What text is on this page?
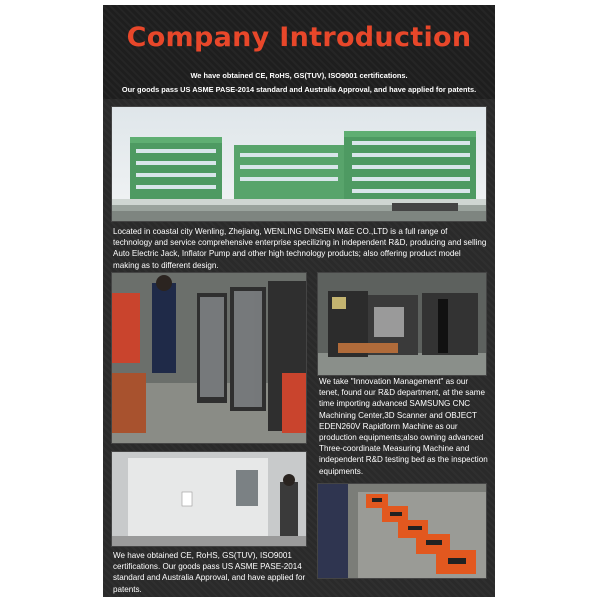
Company Introduction
We have obtained CE, RoHS, GS(TUV), ISO9001 certifications.
Our goods pass US ASME PASE-2014 standard and Australia Approval, and have applied for patents.
Located in coastal city Wenling, Zhejiang, WENLING DINSEN M&E CO.,LTD is a full range of technology and service comprehensive enterprise specilizing in independent R&D, producing and selling Auto Electric Jack, Inflator Pump and other high technology products; also offering product model making as to different design.
We take "Innovation Management" as our tenet, found our R&D department, at the same time importing advanced SAMSUNG CNC Machining Center,3D Scanner and OBJECT EDEN260V Rapidform Machine as our production equipments;also owning advanced Three-coordinate Measuring Machine and independent R&D testing bed as the inspection equipments.
We have obtained CE, RoHS, GS(TUV), ISO9001 certifications. Our goods pass US ASME PASE-2014 standard and Australia Approval, and have applied for patents.
